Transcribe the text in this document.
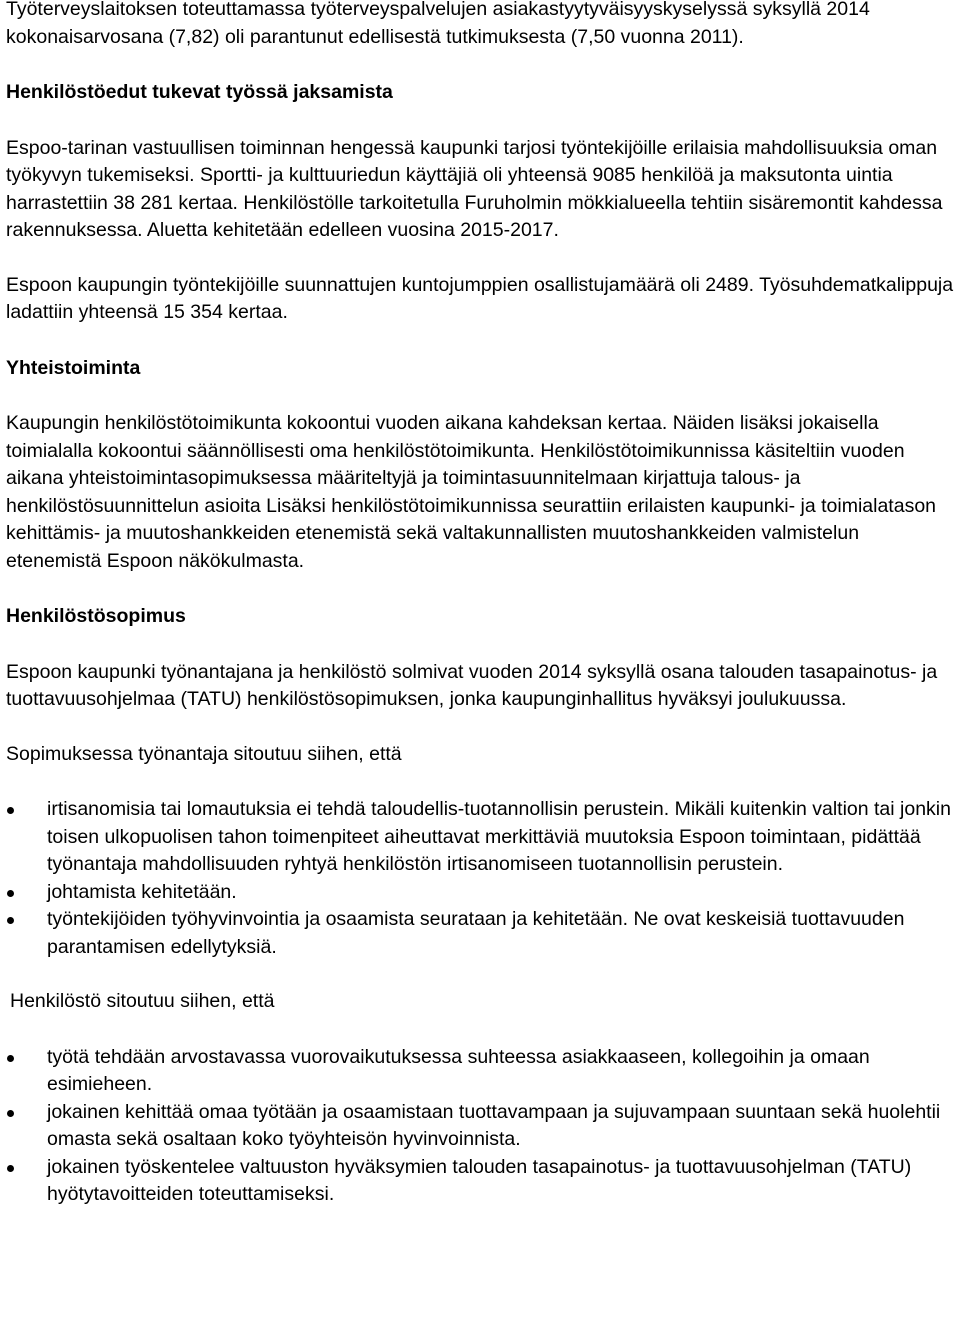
Työterveyslaitoksen toteuttamassa työterveyspalvelujen asiakastyytyväisyyskyselyssä syksyllä 2014 kokonaisarvosana (7,82) oli parantunut edellisestä tutkimuksesta (7,50 vuonna 2011).

Henkilöstöedut tukevat työssä jaksamista

Espoo-tarinan vastuullisen toiminnan hengessä kaupunki tarjosi työntekijöille erilaisia mahdollisuuksia oman työkyvyn tukemiseksi. Sportti- ja kulttuuriedun käyttäjiä oli yhteensä 9085 henkilöä ja maksutonta uintia harrastettiin 38 281 kertaa. Henkilöstölle tarkoitetulla Furuholmin mökkialueella tehtiin sisäremontit kahdessa rakennuksessa. Aluetta kehitetään edelleen vuosina 2015-2017.

Espoon kaupungin työntekijöille suunnattujen kuntojumppien osallistujamäärä oli 2489. Työsuhdematkalippuja ladattiin yhteensä 15 354 kertaa.

Yhteistoiminta

Kaupungin henkilöstötoimikunta kokoontui vuoden aikana kahdeksan kertaa. Näiden lisäksi jokaisella toimialalla kokoontui säännöllisesti oma henkilöstötoimikunta. Henkilöstötoimikunnissa käsiteltiin vuoden aikana yhteistoimintasopimuksessa määriteltyjä ja toimintasuunnitelmaan kirjattuja talous- ja henkilöstösuunnittelun asioita Lisäksi henkilöstötoimikunnissa seurattiin erilaisten kaupunki- ja toimialatason kehittämis- ja muutoshankkeiden etenemistä sekä valtakunnallisten muutoshankkeiden valmistelun etenemistä Espoon näkökulmasta.

Henkilöstösopimus

Espoon kaupunki työnantajana ja henkilöstö solmivat vuoden 2014 syksyllä osana talouden tasapainotus- ja tuottavuusohjelmaa (TATU) henkilöstösopimuksen, jonka kaupunginhallitus hyväksyi joulukuussa.

Sopimuksessa työnantaja sitoutuu siihen, että

irtisanomisia tai lomautuksia ei tehdä taloudellis-tuotannollisin perustein. Mikäli kuitenkin valtion tai jonkin toisen ulkopuolisen tahon toimenpiteet aiheuttavat merkittäviä muutoksia Espoon toimintaan, pidättää työnantaja mahdollisuuden ryhtyä henkilöstön irtisanomiseen tuotannollisin perustein.
johtamista kehitetään.
työntekijöiden työhyvinvointia ja osaamista seurataan ja kehitetään. Ne ovat keskeisiä tuottavuuden parantamisen edellytyksiä.

Henkilöstö sitoutuu siihen, että

työtä tehdään arvostavassa vuorovaikutuksessa suhteessa asiakkaaseen, kollegoihin ja omaan esimieheen.
jokainen kehittää omaa työtään ja osaamistaan tuottavampaan ja sujuvampaan suuntaan sekä huolehtii omasta sekä osaltaan koko työyhteisön hyvinvoinnista.
jokainen työskentelee valtuuston hyväksymien talouden tasapainotus- ja tuottavuusohjelman (TATU) hyötytavoitteiden toteuttamiseksi.
